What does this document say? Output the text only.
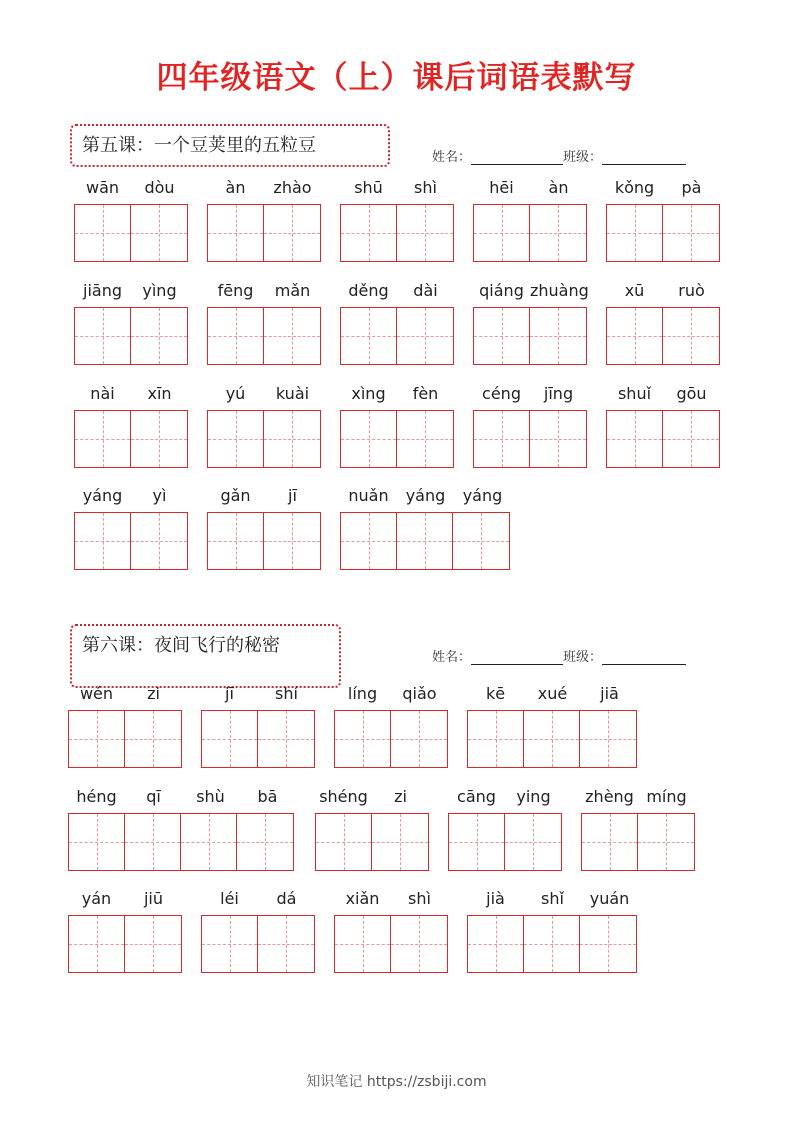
四年级语文（上）课后词语表默写
第五课：一个豆荚里的五粒豆
姓名：	班级：
wān	dòu	àn	zhào	shū	shì	hēi	àn	kǒng	pà
jiāng	yìng	fēng	mǎn	děng	dài	qiáng zhuàng	xū	ruò
nài	xīn	yú	kuài	xìng	fèn	céng	jīng	shuǐ	gōu
yáng	yì	gǎn	jī	nuǎn	yáng	yáng
第六课：夜间飞行的秘密
姓名：	班级：
wén	zi	jī	shí	líng	qiǎo	kē	xué	jiā
héng	qī	shù	bā	shéng	zi	cāng	ying	zhèng míng
yán	jiū	léi	dá	xiǎn	shì	jià	shǐ	yuán
知识笔记 https://zsbiji.com
